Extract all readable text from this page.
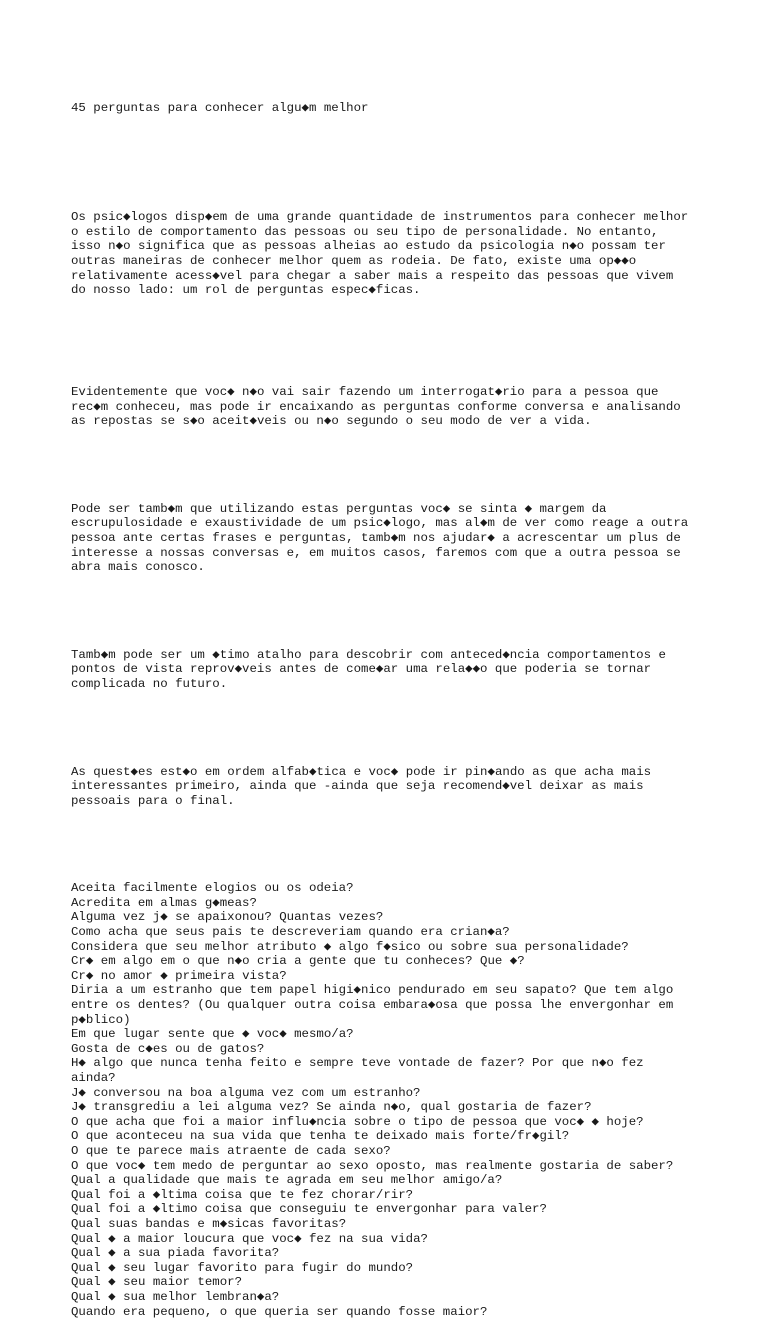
45 perguntas para conhecer algu◆m melhor

Os psic◆logos disp◆em de uma grande quantidade de instrumentos para conhecer melhor
o estilo de comportamento das pessoas ou seu tipo de personalidade. No entanto,
isso n◆o significa que as pessoas alheias ao estudo da psicologia n◆o possam ter
outras maneiras de conhecer melhor quem as rodeia. De fato, existe uma op◆◆o
relativamente acess◆vel para chegar a saber mais a respeito das pessoas que vivem
do nosso lado: um rol de perguntas espec◆ficas.

Evidentemente que voc◆ n◆o vai sair fazendo um interrogat◆rio para a pessoa que
rec◆m conheceu, mas pode ir encaixando as perguntas conforme conversa e analisando
as repostas se s◆o aceit◆veis ou n◆o segundo o seu modo de ver a vida.

Pode ser tamb◆m que utilizando estas perguntas voc◆ se sinta ◆ margem da
escrupulosidade e exaustividade de um psic◆logo, mas al◆m de ver como reage a outra
pessoa ante certas frases e perguntas, tamb◆m nos ajudar◆ a acrescentar um plus de
interesse a nossas conversas e, em muitos casos, faremos com que a outra pessoa se
abra mais conosco.

Tamb◆m pode ser um ◆timo atalho para descobrir com anteced◆ncia comportamentos e
pontos de vista reprov◆veis antes de come◆ar uma rela◆◆o que poderia se tornar
complicada no futuro.

As quest◆es est◆o em ordem alfab◆tica e voc◆ pode ir pin◆ando as que acha mais
interessantes primeiro, ainda que -ainda que seja recomend◆vel deixar as mais
pessoais para o final.

Aceita facilmente elogios ou os odeia?
Acredita em almas g◆meas?
Alguma vez j◆ se apaixonou? Quantas vezes?
Como acha que seus pais te descreveriam quando era crian◆a?
Considera que seu melhor atributo ◆ algo f◆sico ou sobre sua personalidade?
Cr◆ em algo em o que n◆o cria a gente que tu conheces? Que ◆?
Cr◆ no amor ◆ primeira vista?
Diria a um estranho que tem papel higi◆nico pendurado em seu sapato? Que tem algo
entre os dentes? (Ou qualquer outra coisa embara◆osa que possa lhe envergonhar em
p◆blico)
Em que lugar sente que ◆ voc◆ mesmo/a?
Gosta de c◆es ou de gatos?
H◆ algo que nunca tenha feito e sempre teve vontade de fazer? Por que n◆o fez
ainda?
J◆ conversou na boa alguma vez com um estranho?
J◆ transgrediu a lei alguma vez? Se ainda n◆o, qual gostaria de fazer?
O que acha que foi a maior influ◆ncia sobre o tipo de pessoa que voc◆ ◆ hoje?
O que aconteceu na sua vida que tenha te deixado mais forte/fr◆gil?
O que te parece mais atraente de cada sexo?
O que voc◆ tem medo de perguntar ao sexo oposto, mas realmente gostaria de saber?
Qual a qualidade que mais te agrada em seu melhor amigo/a?
Qual foi a ◆ltima coisa que te fez chorar/rir?
Qual foi a ◆ltimo coisa que conseguiu te envergonhar para valer?
Qual suas bandas e m◆sicas favoritas?
Qual ◆ a maior loucura que voc◆ fez na sua vida?
Qual ◆ a sua piada favorita?
Qual ◆ seu lugar favorito para fugir do mundo?
Qual ◆ seu maior temor?
Qual ◆ sua melhor lembran◆a?
Quando era pequeno, o que queria ser quando fosse maior?
